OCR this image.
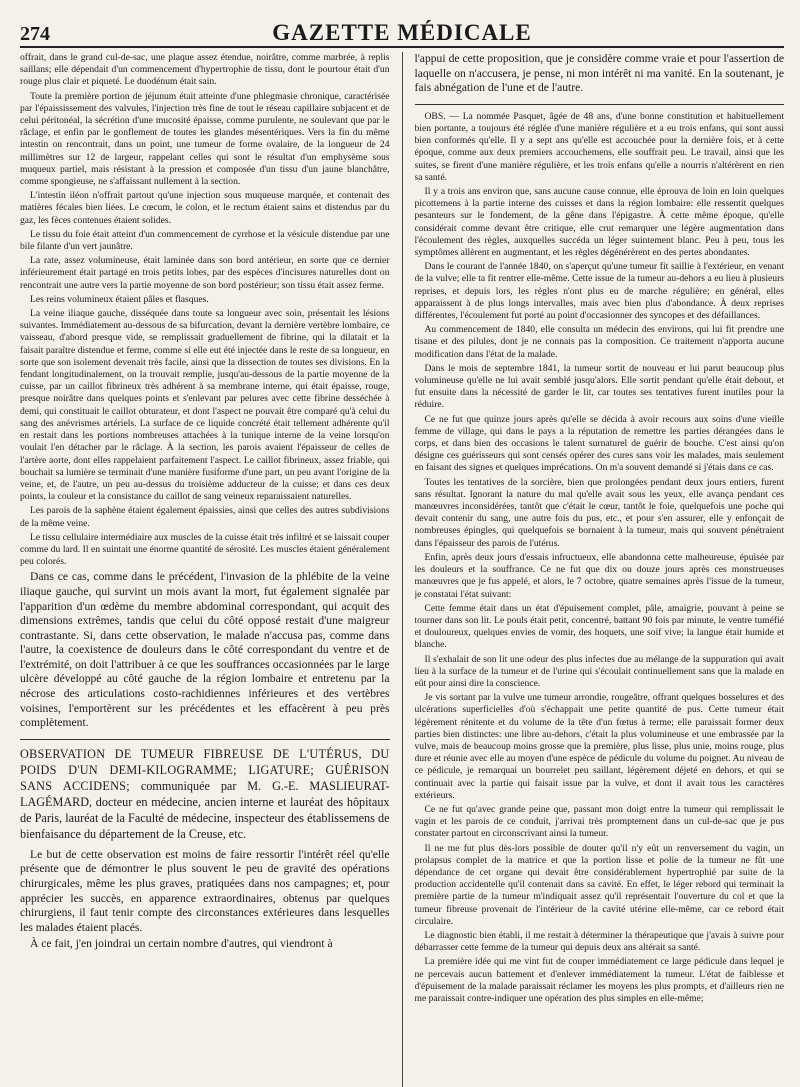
274	GAZETTE MÉDICALE

offrait, dans le grand cul-de-sac, une plaque assez étendue, noirâtre, comme marbrée, à replis saillans; elle dépendait d'un commencement d'hypertrophie de tissu, dont le pourtour était d'un rouge plus clair et piqueté. Le duodénum était sain.

Toute la première portion de jéjunum était atteinte d'une phlegmasie chronique, caractérisée par l'épaississement des valvules, l'injection très fine de tout le réseau capillaire subjacent et de celui péritonéal, la sécrétion d'une mucosité épaisse, comme purulente, ne soulevant que par le râclage, et enfin par le gonflement de toutes les glandes mésentériques. Vers la fin du même intestin on rencontrait, dans un point, une tumeur de forme ovalaire, de la longueur de 24 millimètres sur 12 de largeur, rappelant celles qui sont le résultat d'un emphysème sous muqueux partiel, mais résistant à la pression et composée d'un tissu d'un jaune blanchâtre, comme spongieuse, ne s'affaissant nullement à la section.

L'intestin iléon n'offrait partout qu'une injection sous muqueuse marquée, et contenait des matières fécales bien liées. Le cœcum, le colon, et le rectum étaient sains et distendus par du gaz, les fèces contenues étaient solides.

Le tissu du foie était atteint d'un commencement de cyrrhose et la vésicule distendue par une bile filante d'un vert jaunâtre.

La rate, assez volumineuse, était laminée dans son bord antérieur, en sorte que ce dernier inférieurement était partagé en trois petits lobes, par des espèces d'incisures naturelles dont on rencontrait une autre vers la partie moyenne de son bord postérieur; son tissu était assez ferme.

Les reins volumineux étaient pâles et flasques.

La veine iliaque gauche, disséquée dans toute sa longueur avec soin, présentait les lésions suivantes. Immédiatement au-dessous de sa bifurcation, devant la dernière vertèbre lombaire, ce vaisseau, d'abord presque vide, se remplissait graduellement de fibrine, qui la dilatait et la faisait paraître distendue et ferme, comme si elle eut été injectée dans le reste de sa longueur, en sorte que son isolement devenait très facile, ainsi que la dissection de toutes ses divisions. En la fendant longitudinalement, on la trouvait remplie, jusqu'au-dessous de la partie moyenne de la cuisse, par un caillot fibrineux très adhérent à sa membrane interne, qui était épaisse, rouge, presque noirâtre dans quelques points et s'enlevant par pelures avec cette fibrine desséchée à demi, qui constituait le caillot obturateur, et dont l'aspect ne pouvait être comparé qu'à celui du sang des anévrismes artériels. La surface de ce liquide concrété était tellement adhérente qu'il en restait dans les portions nombreuses attachées à la tunique interne de la veine lorsqu'on voulait l'en détacher par le râclage. À la section, les parois avaient l'épaisseur de celles de l'artère aorte, dont elles rappelaient parfaitement l'aspect. Le caillot fibrineux, assez friable, qui bouchait sa lumière se terminait d'une manière fusiforme d'une part, un peu avant l'origine de la veine, et, de l'autre, un peu au-dessus du troisième adducteur de la cuisse; et dans ces deux points, la couleur et la consistance du caillot de sang veineux reparaissaient naturelles.

Les parois de la saphène étaient également épaissies, ainsi que celles des autres subdivisions de la même veine.

Le tissu cellulaire intermédiaire aux muscles de la cuisse était très infiltré et se laissait couper comme du lard. Il en suintait une énorme quantité de sérosité. Les muscles étaient généralement peu colorés.

Dans ce cas, comme dans le précédent, l'invasion de la phlébite de la veine iliaque gauche, qui survint un mois avant la mort, fut également signalée par l'apparition d'un œdème du membre abdominal correspondant, qui acquit des dimensions extrêmes, tandis que celui du côté opposé restait d'une maigreur contrastante. Si, dans cette observation, le malade n'accusa pas, comme dans l'autre, la coexistence de douleurs dans le côté correspondant du ventre et de l'extrémité, on doit l'attribuer à ce que les souffrances occasionnées par le large ulcère développé au côté gauche de la région lombaire et entretenu par la nécrose des articulations costo-rachidiennes inférieures et des vertèbres voisines, l'emportèrent sur les précédentes et les effacèrent à peu près complètement.

OBSERVATION DE TUMEUR FIBREUSE DE L'UTÉRUS, DU POIDS D'UN DEMI-KILOGRAMME; LIGATURE; GUÉRISON SANS ACCIDENS; communiquée par M. G.-E. MASLIEURAT-LAGÉMARD, docteur en médecine, ancien interne et lauréat des hôpitaux de Paris, lauréat de la Faculté de médecine, inspecteur des établissemens de bienfaisance du département de la Creuse, etc.

Le but de cette observation est moins de faire ressortir l'intérêt réel qu'elle présente que de démontrer le plus souvent le peu de gravité des opérations chirurgicales, même les plus graves, pratiquées dans nos campagnes; et, pour apprécier les succès, en apparence extraordinaires, obtenus par quelques chirurgiens, il faut tenir compte des circonstances extérieures dans lesquelles les malades étaient placés.

À ce fait, j'en joindrai un certain nombre d'autres, qui viendront à

l'appui de cette proposition, que je considère comme vraie et pour l'assertion de laquelle on n'accusera, je pense, ni mon intérêt ni ma vanité. En la soutenant, je fais abnégation de l'une et de l'autre.

OBS. — La nommée Pasquet, âgée de 48 ans, d'une bonne constitution et habituellement bien portante, a toujours été réglée d'une manière régulière et a eu trois enfans, qui sont aussi bien conformés qu'elle. Il y a sept ans qu'elle est accouchée pour la dernière fois, et à cette époque, comme aux deux premiers accouchemens, elle souffrait peu. Le travail, ainsi que les suites, se firent d'une manière régulière, et les trois enfans qu'elle a nourris n'altérèrent en rien sa santé.

Il y a trois ans environ que, sans aucune cause connue, elle éprouva de loin en loin quelques picottemens à la partie interne des cuisses et dans la région lombaire: elle ressentit quelques pesanteurs sur le fondement, de la gêne dans l'épigastre. À cette même époque, qu'elle considérait comme devant être critique, elle crut remarquer une légère augmentation dans l'écoulement des règles, auxquelles succéda un léger suintement blanc. Peu à peu, tous les symptômes allèrent en augmentant, et les règles dégénérèrent en des pertes abondantes.

Dans le courant de l'année 1840, on s'aperçut qu'une tumeur fit saillie à l'extérieur, en venant de la vulve; elle ta fit rentrer elle-même. Cette issue de la tumeur au-dehors a eu lieu à plusieurs reprises, et depuis lors, les règles n'ont plus eu de marche régulière; en général, elles apparaissent à de plus longs intervalles, mais avec bien plus d'abondance. À deux reprises différentes, l'écoulement fut porté au point d'occasionner des syncopes et des défaillances.

Au commencement de 1840, elle consulta un médecin des environs, qui lui fit prendre une tisane et des pilules, dont je ne connais pas la composition. Ce traitement n'apporta aucune modification dans l'état de la malade.

Dans le mois de septembre 1841, la tumeur sortit de nouveau et lui parut beaucoup plus volumineuse qu'elle ne lui avait semblé jusqu'alors. Elle sortit pendant qu'elle était debout, et fut ensuite dans la nécessité de garder le lit, car toutes ses tentatives furent inutiles pour la réduire.

Ce ne fut que quinze jours après qu'elle se décida à avoir recours aux soins d'une vieille femme de village, qui dans le pays a la réputation de remettre les parties dérangées dans le corps, et dans bien des occasions le talent surnaturel de guérir de bouche. C'est ainsi qu'on désigne ces guérisseurs qui sont censés opérer des cures sans voir les malades, mais seulement en faisant des signes et quelques imprécations. On m'a souvent demandé si j'étais dans ce cas.

Toutes les tentatives de la sorcière, bien que prolongées pendant deux jours entiers, furent sans résultat. Ignorant la nature du mal qu'elle avait sous les yeux, elle avança pendant ces manœuvres inconsidérées, tantôt que c'était le cœur, tantôt le foie, quelquefois une poche qui devait contenir du sang, une autre fois du pus, etc., et pour s'en assurer, elle y enfonçait de nombreuses épingles, qui quelquefois se bornaient à la tumeur, mais qui souvent pénétraient dans l'épaisseur des parois de l'utérus.

Enfin, après deux jours d'essais infructueux, elle abandonna cette malheureuse, épuisée par les douleurs et la souffrance. Ce ne fut que dix ou douze jours après ces monstrueuses manœuvres que je fus appelé, et alors, le 7 octobre, quatre semaines après l'issue de la tumeur, je constatai l'état suivant:

Cette femme était dans un état d'épuisement complet, pâle, amaigrie, pouvant à peine se tourner dans son lit. Le pouls était petit, concentré, battant 90 fois par minute, le ventre tuméfié et douloureux, quelques envies de vomir, des hoquets, une soif vive; la langue était humide et blanche.

Il s'exhalait de son lit une odeur des plus infectes due au mélange de la suppuration qui avait lieu à la surface de la tumeur et de l'urine qui s'écoulait continuellement sans que la malade en eût pour ainsi dire la conscience.

Je vis sortant par la vulve une tumeur arrondie, rougeâtre, offrant quelques bosselures et des ulcérations superficielles d'où s'échappait une petite quantité de pus. Cette tumeur était légèrement rénitente et du volume de la tête d'un fœtus à terme; elle paraissait former deux parties bien distinctes: une libre au-dehors, c'était la plus volumineuse et une embrassée par la vulve, mais de beaucoup moins grosse que la première, plus lisse, plus unie, moins rouge, plus dure et réunie avec elle au moyen d'une espèce de pédicule du volume du poignet. Au niveau de ce pédicule, je remarquai un bourrelet peu saillant, légèrement déjeté en dehors, et qui se continuait avec la partie qui faisait issue par la vulve, et dont il avait tous les caractères extérieurs.

Ce ne fut qu'avec grande peine que, passant mon doigt entre la tumeur qui remplissait le vagin et les parois de ce conduit, j'arrivai très promptement dans un cul-de-sac que je pus constater partout en circonscrivant ainsi la tumeur.

Il ne me fut plus dès-lors possible de douter qu'il n'y eût un renversement du vagin, un prolapsus complet de la matrice et que la portion lisse et polie de la tumeur ne fût une dépendance de cet organe qui devait être considérablement hypertrophié par suite de la production accidentelle qu'il contenait dans sa cavité. En effet, le léger rebord qui terminait la première partie de la tumeur m'indiquait assez qu'il représentait l'ouverture du col et que la tumeur fibreuse provenait de l'intérieur de la cavité utérine elle-même, car ce rebord était circulaire.

Le diagnostic bien établi, il me restait à déterminer la thérapeutique que j'avais à suivre pour débarrasser cette femme de la tumeur qui depuis deux ans altérait sa santé.

La première idée qui me vint fut de couper immédiatement ce large pédicule dans lequel je ne percevais aucun battement et d'enlever immédiatement la tumeur. L'état de faiblesse et d'épuisement de la malade paraissait réclamer les moyens les plus prompts, et d'ailleurs rien ne me paraissait contre-indiquer une opération des plus simples en elle-même;
